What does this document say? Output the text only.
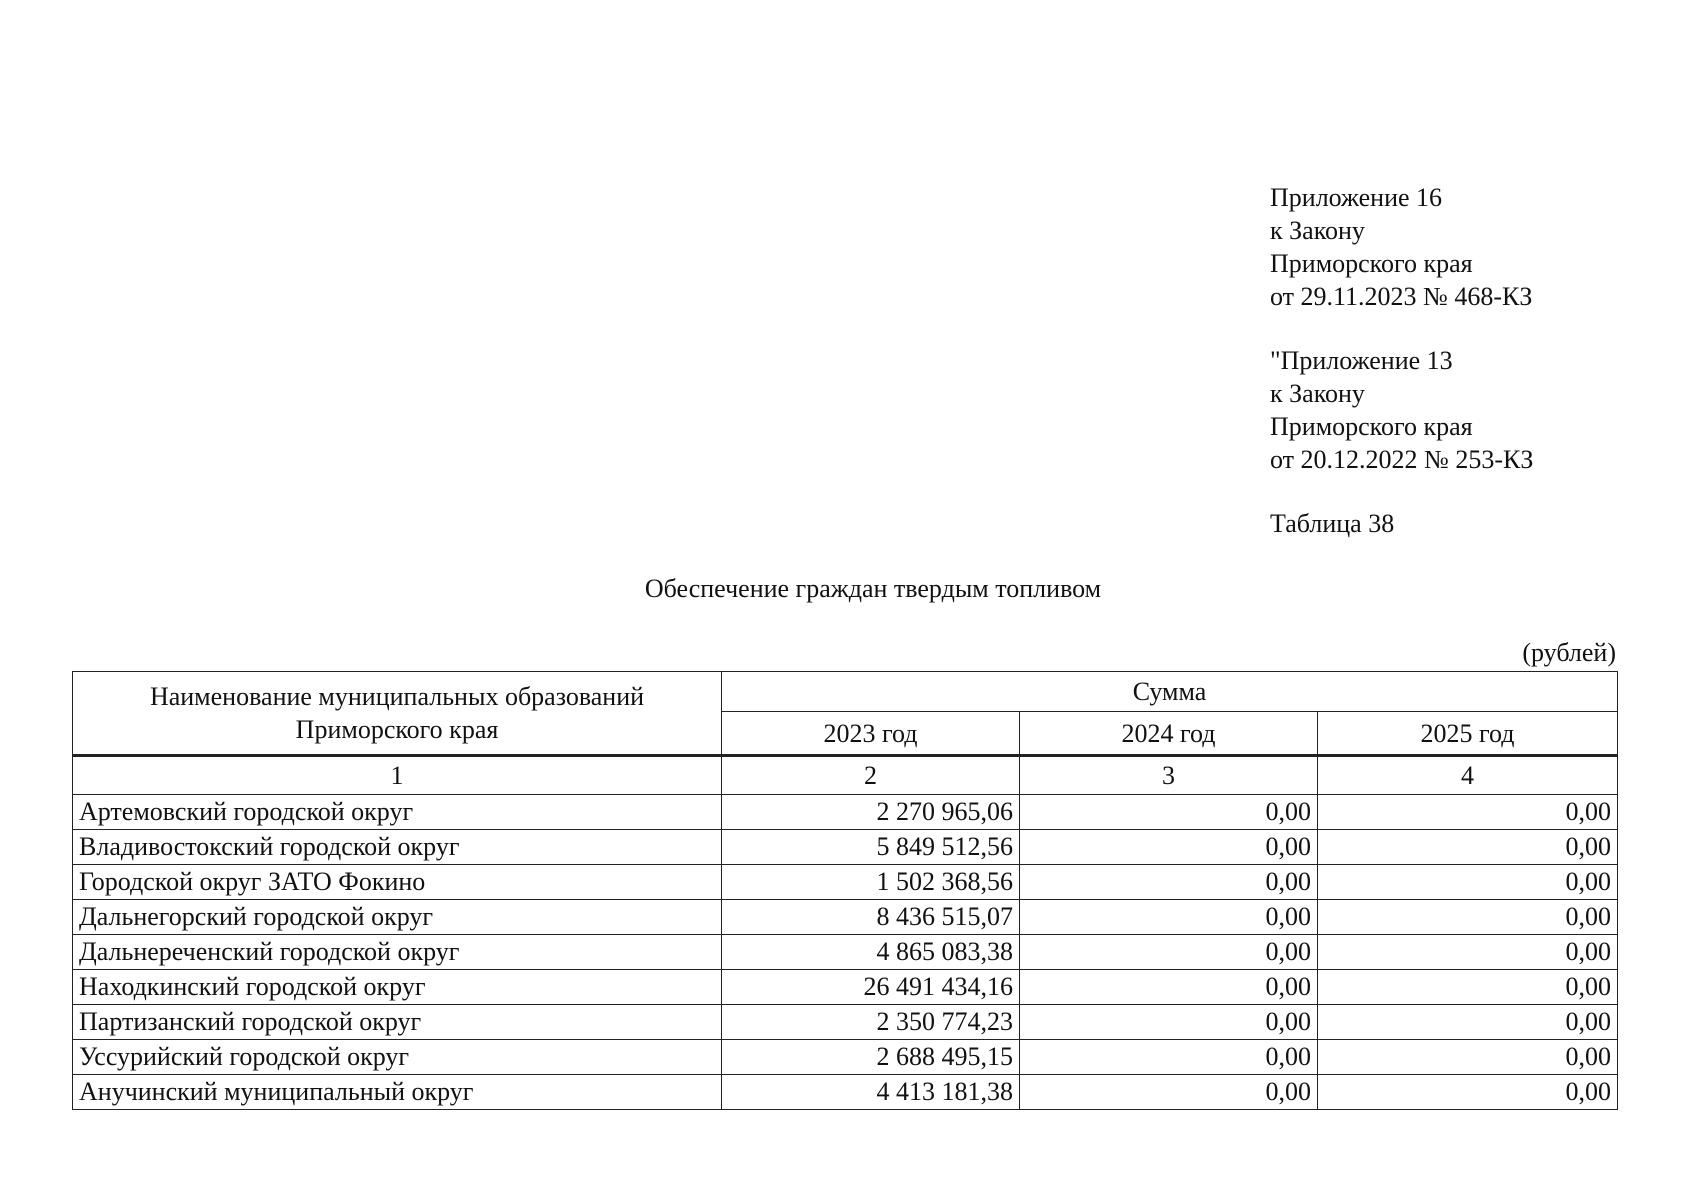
Приложение 16
к Закону
Приморского края
от 29.11.2023 № 468-КЗ
"Приложение 13
к Закону
Приморского края
от 20.12.2022 № 253-КЗ
Таблица 38
Обеспечение граждан твердым топливом
(рублей)
Наименование муниципальных образований Приморского края	Сумма		
	2023 год	2024 год	2025 год
1	2	3	4
Артемовский городской округ	2 270 965,06	0,00	0,00
Владивостокский городской округ	5 849 512,56	0,00	0,00
Городской округ ЗАТО Фокино	1 502 368,56	0,00	0,00
Дальнегорский городской округ	8 436 515,07	0,00	0,00
Дальнереченский городской округ	4 865 083,38	0,00	0,00
Находкинский городской округ	26 491 434,16	0,00	0,00
Партизанский городской округ	2 350 774,23	0,00	0,00
Уссурийский городской округ	2 688 495,15	0,00	0,00
Анучинский муниципальный округ	4 413 181,38	0,00	0,00
